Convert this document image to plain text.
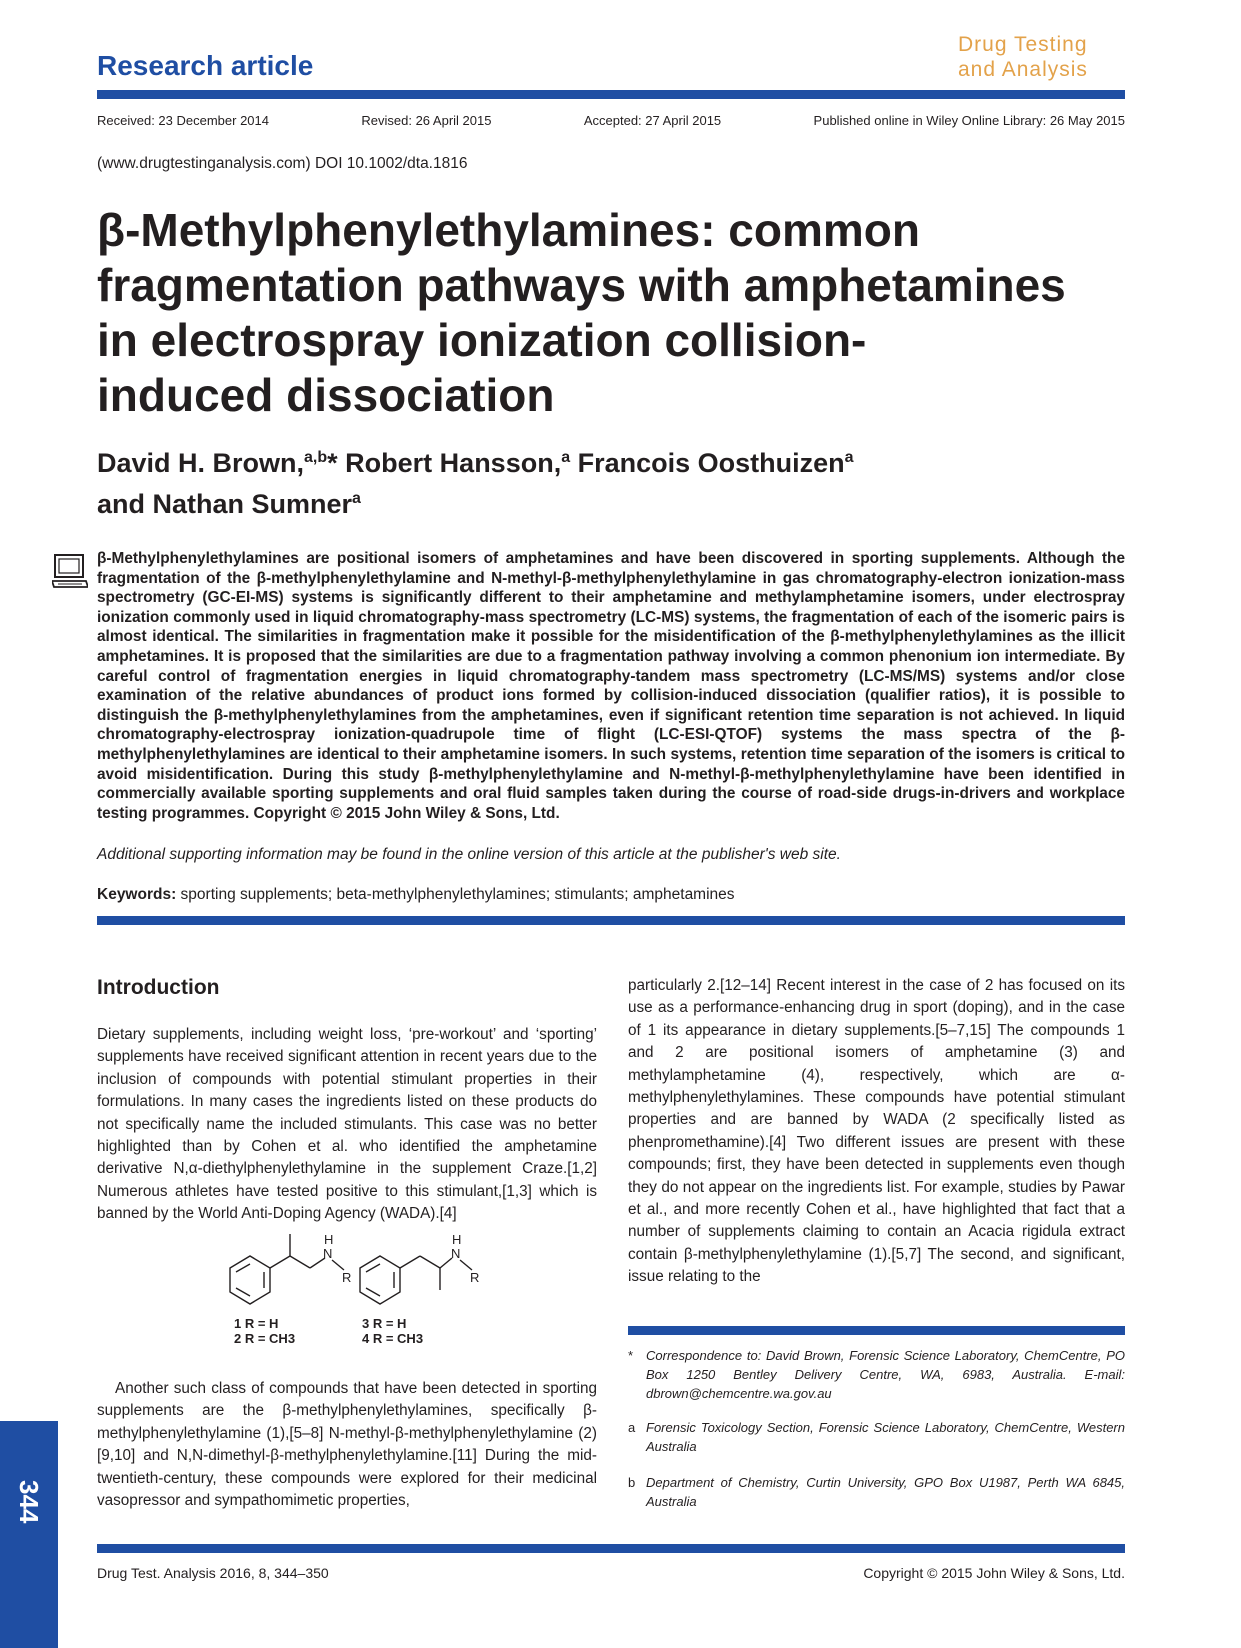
Research article
Drug Testing
and Analysis
Received: 23 December 2014	Revised: 26 April 2015	Accepted: 27 April 2015	Published online in Wiley Online Library: 26 May 2015
(www.drugtestinganalysis.com) DOI 10.1002/dta.1816
β-Methylphenylethylamines: common
fragmentation pathways with amphetamines
in electrospray ionization collision-
induced dissociation
David H. Brown,$^{a,b}$* Robert Hansson,$^a$ Francois Oosthuizen$^a$
and Nathan Sumner$^a$
β-Methylphenylethylamines are positional isomers of amphetamines and have been discovered in sporting supplements. Although the fragmentation of the β-methylphenylethylamine and N-methyl-β-methylphenylethylamine in gas chromatography-electron ionization-mass spectrometry (GC-EI-MS) systems is significantly different to their amphetamine and methylamphetamine isomers, under electrospray ionization commonly used in liquid chromatography-mass spectrometry (LC-MS) systems, the fragmentation of each of the isomeric pairs is almost identical. The similarities in fragmentation make it possible for the misidentification of the β-methylphenylethylamines as the illicit amphetamines. It is proposed that the similarities are due to a fragmentation pathway involving a common phenonium ion intermediate. By careful control of fragmentation energies in liquid chromatography-tandem mass spectrometry (LC-MS/MS) systems and/or close examination of the relative abundances of product ions formed by collision-induced dissociation (qualifier ratios), it is possible to distinguish the β-methylphenylethylamines from the amphetamines, even if significant retention time separation is not achieved. In liquid chromatography-electrospray ionization-quadrupole time of flight (LC-ESI-QTOF) systems the mass spectra of the β-methylphenylethylamines are identical to their amphetamine isomers. In such systems, retention time separation of the isomers is critical to avoid misidentification. During this study β-methylphenylethylamine and N-methyl-β-methylphenylethylamine have been identified in commercially available sporting supplements and oral fluid samples taken during the course of road-side drugs-in-drivers and workplace testing programmes. Copyright © 2015 John Wiley & Sons, Ltd.
Additional supporting information may be found in the online version of this article at the publisher's web site.
Keywords: sporting supplements; beta-methylphenylethylamines; stimulants; amphetamines
Introduction
Dietary supplements, including weight loss, ‘pre-workout’ and ‘sporting’ supplements have received significant attention in recent years due to the inclusion of compounds with potential stimulant properties in their formulations. In many cases the ingredients listed on these products do not specifically name the included stimulants. This case was no better highlighted than by Cohen et al. who identified the amphetamine derivative N,α-diethylphenylethylamine in the supplement Craze.[1,2] Numerous athletes have tested positive to this stimulant,[1,3] which is banned by the World Anti-Doping Agency (WADA).[4]
H
N
R
H
N
R
1 R = H
2 R = CH3
3 R = H
4 R = CH3
Another such class of compounds that have been detected in sporting supplements are the β-methylphenylethylamines, specifically β-methylphenylethylamine (1),[5–8] N-methyl-β-methylphenylethylamine (2)[9,10] and N,N-dimethyl-β-methylphenylethylamine.[11] During the mid-twentieth-century, these compounds were explored for their medicinal vasopressor and sympathomimetic properties,
particularly 2.[12–14] Recent interest in the case of 2 has focused on its use as a performance-enhancing drug in sport (doping), and in the case of 1 its appearance in dietary supplements.[5–7,15] The compounds 1 and 2 are positional isomers of amphetamine (3) and methylamphetamine (4), respectively, which are α-methylphenylethylamines. These compounds have potential stimulant properties and are banned by WADA (2 specifically listed as phenpromethamine).[4] Two different issues are present with these compounds; first, they have been detected in supplements even though they do not appear on the ingredients list. For example, studies by Pawar et al., and more recently Cohen et al., have highlighted that fact that a number of supplements claiming to contain an Acacia rigidula extract contain β-methylphenylethylamine (1).[5,7] The second, and significant, issue relating to the
* Correspondence to: David Brown, Forensic Science Laboratory, ChemCentre, PO Box 1250 Bentley Delivery Centre, WA, 6983, Australia. E-mail: dbrown@chemcentre.wa.gov.au
a Forensic Toxicology Section, Forensic Science Laboratory, ChemCentre, Western Australia
b Department of Chemistry, Curtin University, GPO Box U1987, Perth WA 6845, Australia
Drug Test. Analysis 2016, 8, 344–350	Copyright © 2015 John Wiley & Sons, Ltd.
344
